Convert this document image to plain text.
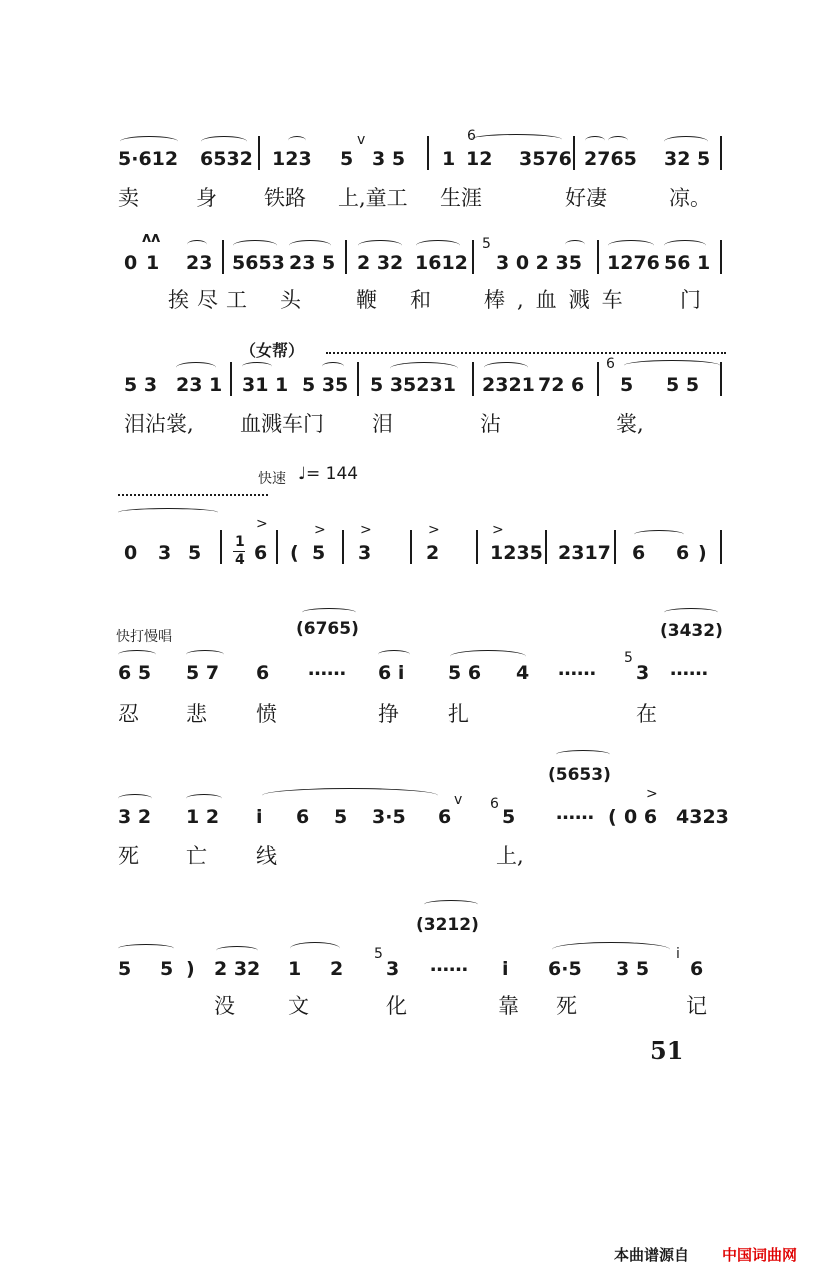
5·612 6532 123 5
v
3 5 1
6
12 3576 2765 32 5
卖	身 铁路 上,童工 生涯	好凄	凉。
ᴧᴧ
0 1 23 5653 23 5 2 32 1612
5
3 0 2 35 1276 56 1
挨尽工 头	鞭 和	棒,血溅车 门
（女帮）
5 3 23 1 31 1 5 35 5 35231 2321 72 6
6
5 5 5
泪沾裳, 血溅车门 泪	沾	裳,
快速 ♩= 144
0 3 5 1
4
>
6 (
>
5
>
3
>
2
>
1235 2317 6 6 )
(6765)	(3432)
快打慢唱
6 5 5 7 6 …… 6 i 5 6 4 …… 5
3 ……
忍 悲 愤	挣 扎	在
(5653)
3 2 1 2 i 6 5 3·5 6
v 6
5 …… (
>
0 6 4323
死 亡 线	上,
(3212)
5 5 ) 2 32 1 2
5
3 …… i 6·5 3 5
i
6
没	文	化	靠 死	记
51
本曲谱源自 中国词曲网
